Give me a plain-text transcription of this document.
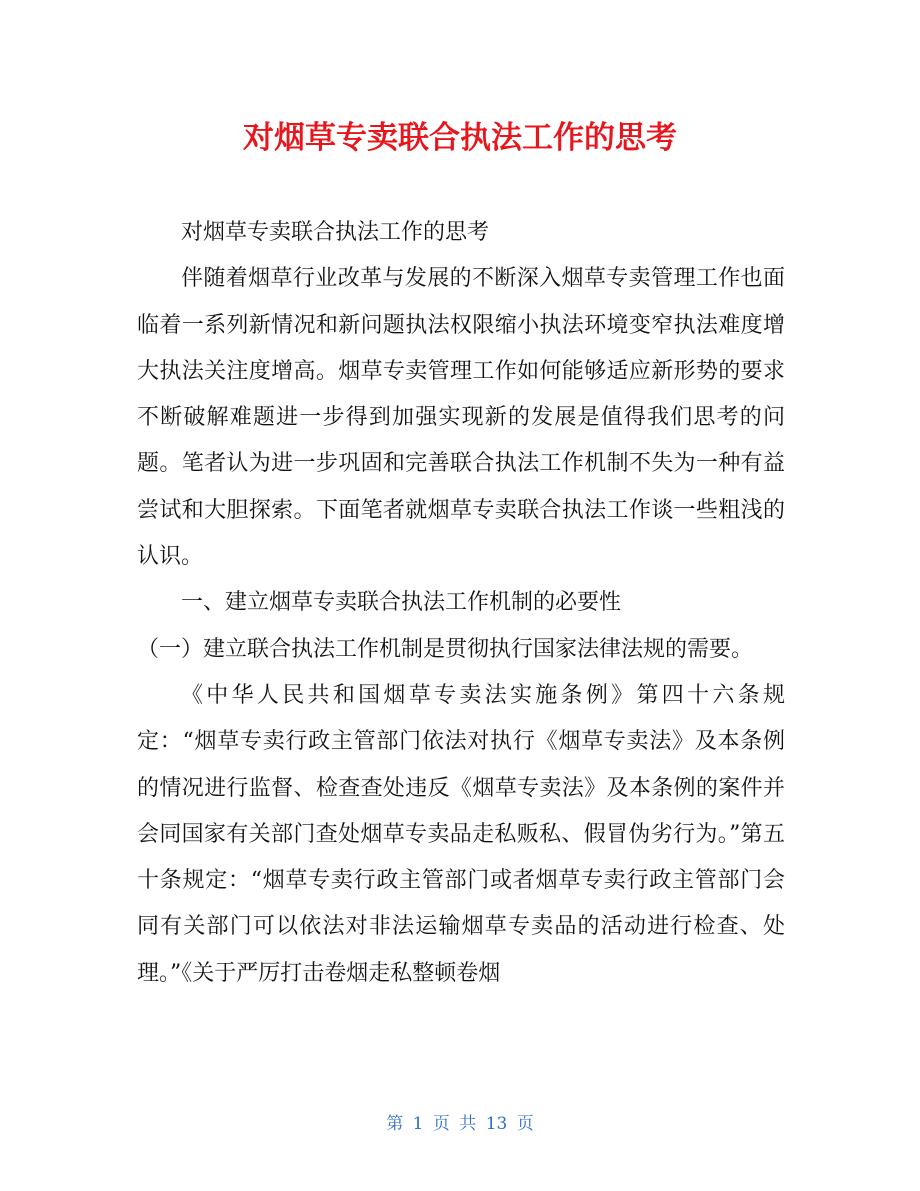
对烟草专卖联合执法工作的思考

对烟草专卖联合执法工作的思考

伴随着烟草行业改革与发展的不断深入烟草专卖管理工作也面临着一系列新情况和新问题执法权限缩小执法环境变窄执法难度增大执法关注度增高。烟草专卖管理工作如何能够适应新形势的要求不断破解难题进一步得到加强实现新的发展是值得我们思考的问题。笔者认为进一步巩固和完善联合执法工作机制不失为一种有益尝试和大胆探索。下面笔者就烟草专卖联合执法工作谈一些粗浅的认识。

一、建立烟草专卖联合执法工作机制的必要性

（一）建立联合执法工作机制是贯彻执行国家法律法规的需要。

《中华人民共和国烟草专卖法实施条例》第四十六条规定：“烟草专卖行政主管部门依法对执行《烟草专卖法》及本条例的情况进行监督、检查查处违反《烟草专卖法》及本条例的案件并会同国家有关部门查处烟草专卖品走私贩私、假冒伪劣行为。”第五十条规定：“烟草专卖行政主管部门或者烟草专卖行政主管部门会同有关部门可以依法对非法运输烟草专卖品的活动进行检查、处理。”《关于严厉打击卷烟走私整顿卷烟

第 1 页 共 13 页
